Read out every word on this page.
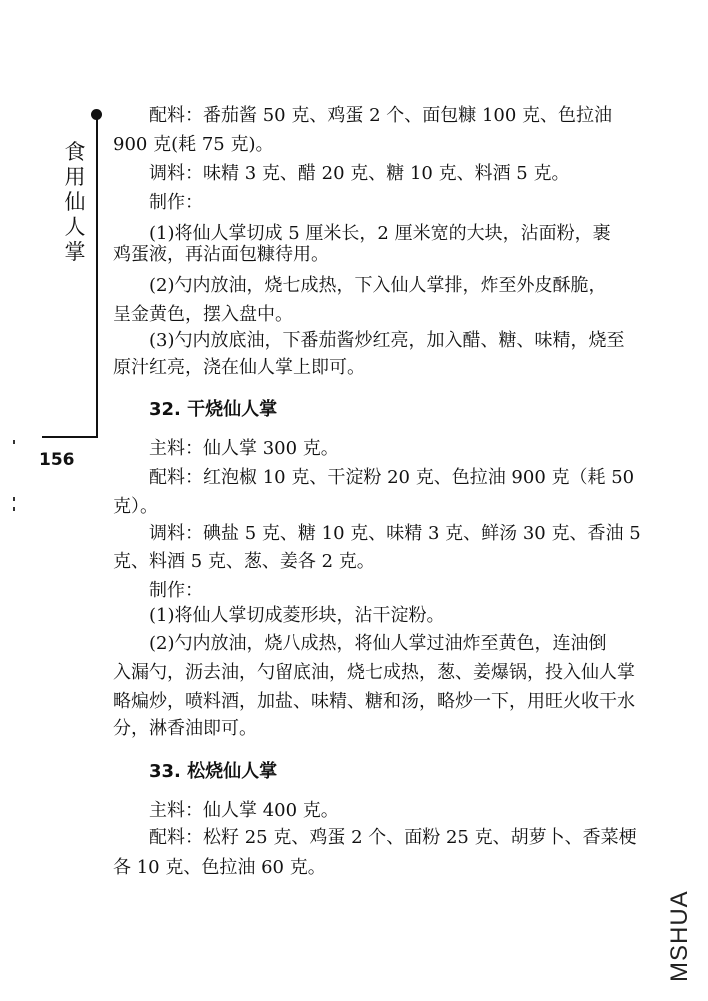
食用仙人掌
156
配料：番茄酱 50 克、鸡蛋 2 个、面包糠 100 克、色拉油
900 克(耗 75 克)。
调料：味精 3 克、醋 20 克、糖 10 克、料酒 5 克。
制作：
(1)将仙人掌切成 5 厘米长，2 厘米宽的大块，沾面粉，裹
鸡蛋液，再沾面包糠待用。
(2)勺内放油，烧七成热，下入仙人掌排，炸至外皮酥脆，
呈金黄色，摆入盘中。
(3)勺内放底油，下番茄酱炒红亮，加入醋、糖、味精，烧至
原汁红亮，浇在仙人掌上即可。
32. 干烧仙人掌
主料：仙人掌 300 克。
配料：红泡椒 10 克、干淀粉 20 克、色拉油 900 克（耗 50
克）。
调料：碘盐 5 克、糖 10 克、味精 3 克、鲜汤 30 克、香油 5
克、料酒 5 克、葱、姜各 2 克。
制作：
(1)将仙人掌切成菱形块，沾干淀粉。
(2)勺内放油，烧八成热，将仙人掌过油炸至黄色，连油倒
入漏勺，沥去油，勺留底油，烧七成热，葱、姜爆锅，投入仙人掌
略煸炒，喷料酒，加盐、味精、糖和汤，略炒一下，用旺火收干水
分，淋香油即可。
33. 松烧仙人掌
主料：仙人掌 400 克。
配料：松籽 25 克、鸡蛋 2 个、面粉 25 克、胡萝卜、香菜梗
各 10 克、色拉油 60 克。
MSHUA
